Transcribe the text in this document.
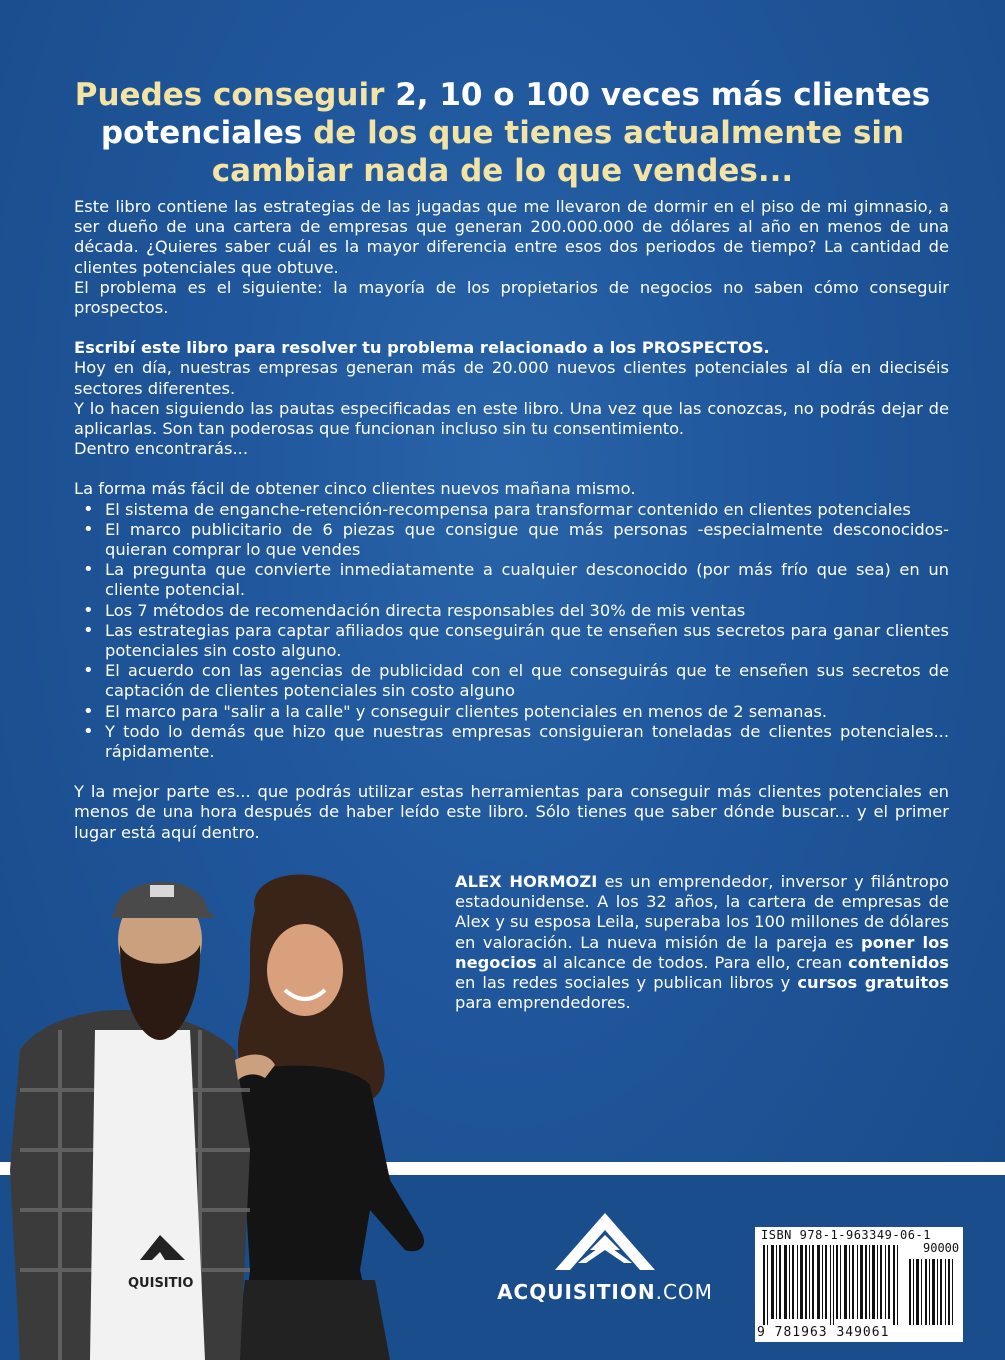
Puedes conseguir 2, 10 o 100 veces más clientes potenciales de los que tienes actualmente sin cambiar nada de lo que vendes...

Este libro contiene las estrategias de las jugadas que me llevaron de dormir en el piso de mi gimnasio, a ser dueño de una cartera de empresas que generan 200.000.000 de dólares al año en menos de una década. ¿Quieres saber cuál es la mayor diferencia entre esos dos periodos de tiempo? La cantidad de clientes potenciales que obtuve.

El problema es el siguiente: la mayoría de los propietarios de negocios no saben cómo conseguir prospectos.

Escribí este libro para resolver tu problema relacionado a los PROSPECTOS.

Hoy en día, nuestras empresas generan más de 20.000 nuevos clientes potenciales al día en dieciséis sectores diferentes.

Y lo hacen siguiendo las pautas especificadas en este libro. Una vez que las conozcas, no podrás dejar de aplicarlas. Son tan poderosas que funcionan incluso sin tu consentimiento.

Dentro encontrarás...

La forma más fácil de obtener cinco clientes nuevos mañana mismo.

• El sistema de enganche-retención-recompensa para transformar contenido en clientes potenciales
• El marco publicitario de 6 piezas que consigue que más personas -especialmente desconocidos- quieran comprar lo que vendes
• La pregunta que convierte inmediatamente a cualquier desconocido (por más frío que sea) en un cliente potencial.
• Los 7 métodos de recomendación directa responsables del 30% de mis ventas
• Las estrategias para captar afiliados que conseguirán que te enseñen sus secretos para ganar clientes potenciales sin costo alguno.
• El acuerdo con las agencias de publicidad con el que conseguirás que te enseñen sus secretos de captación de clientes potenciales sin costo alguno
• El marco para "salir a la calle" y conseguir clientes potenciales en menos de 2 semanas.
• Y todo lo demás que hizo que nuestras empresas consiguieran toneladas de clientes potenciales... rápidamente.

Y la mejor parte es... que podrás utilizar estas herramientas para conseguir más clientes potenciales en menos de una hora después de haber leído este libro. Sólo tienes que saber dónde buscar... y el primer lugar está aquí dentro.

ALEX HORMOZI es un emprendedor, inversor y filántropo estadounidense. A los 32 años, la cartera de empresas de Alex y su esposa Leila, superaba los 100 millones de dólares en valoración. La nueva misión de la pareja es poner los negocios al alcance de todos. Para ello, crean contenidos en las redes sociales y publican libros y cursos gratuitos para emprendedores.
QUISITIO	ACQUISITION.COM
ISBN 978-1-963349-06-1
90000
9 781963 349061
